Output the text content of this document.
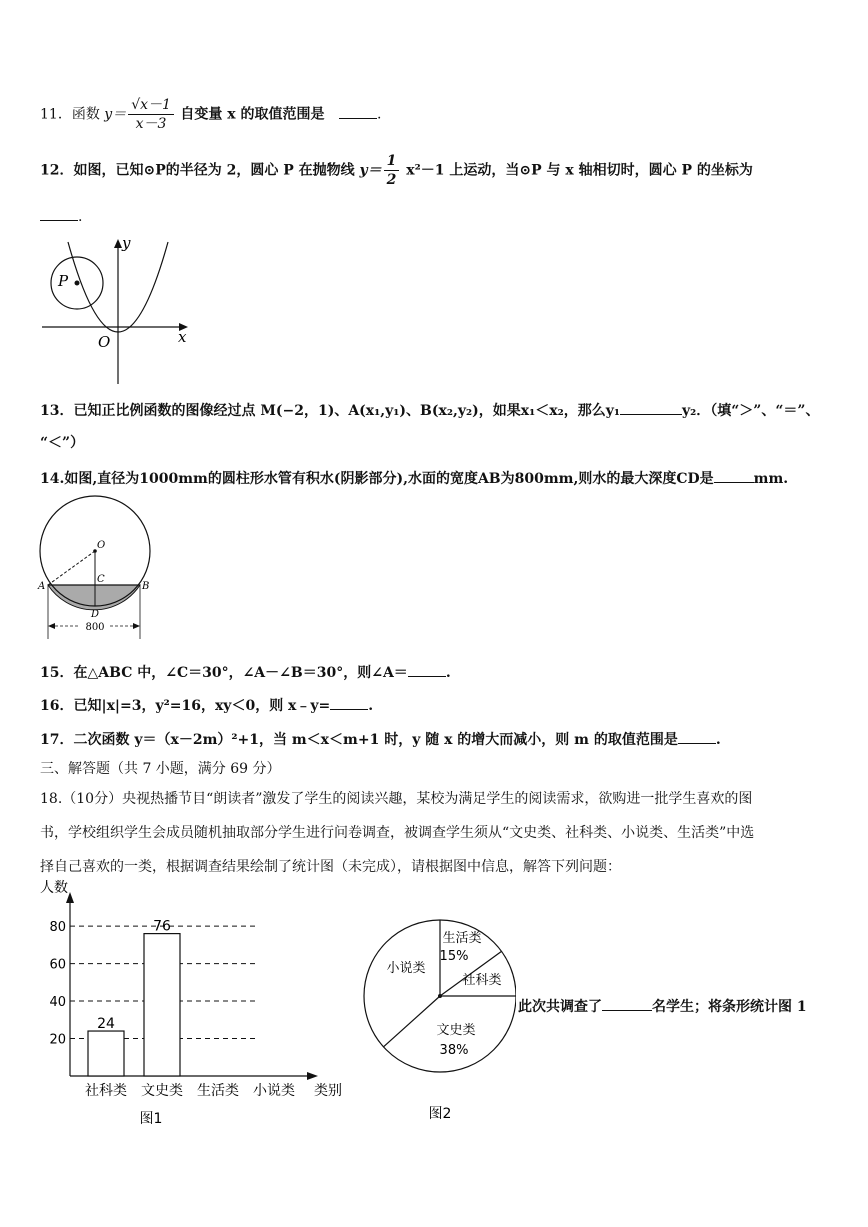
11．函数 $y= \frac{√x-1}{x-3}$ 自变量 x 的取值范围是	.
12．如图，已知⊙P的半径为 2，圆心 P 在抛物线 $y= \frac{1}{2} x^2-1$ 上运动，当⊙P 与 x 轴相切时，圆心 P 的坐标为
.
y
x
O
P
13．已知正比例函数的图像经过点 M(−2，1)、A(x₁,y₁)、B(x₂,y₂)，如果x₁＜x₂，那么y₁	y₂．（填“＞”、“＝”、
“＜”）
14.如图,直径为1000mm的圆柱形水管有积水(阴影部分),水面的宽度AB为800mm,则水的最大深度CD是	mm.
O
C
A	B
D
800
15．在△ABC 中，∠C＝30°，∠A－∠B＝30°，则∠A＝	.
16．已知|x|=3，y²=16，xy＜0，则 x﹣y=	.
17．二次函数 y＝（x－2m）²+1，当 m＜x＜m+1 时，y 随 x 的增大而减小，则 m 的取值范围是	.
三、解答题（共 7 小题，满分 69 分）
18.（10分）央视热播节目“朗读者”激发了学生的阅读兴趣，某校为满足学生的阅读需求，欲购进一批学生喜欢的图
书，学校组织学生会成员随机抽取部分学生进行问卷调查，被调查学生须从“文史类、社科类、小说类、生活类”中选
择自己喜欢的一类，根据调查结果绘制了统计图（未完成），请根据图中信息，解答下列问题：
人数
类别
图1
20
40
60
80
24
76
社科类 文史类 生活类 小说类
生活类
15%
社科类
文史类
38%
小说类
图2
此次共调查了	名学生；将条形统计图 1
